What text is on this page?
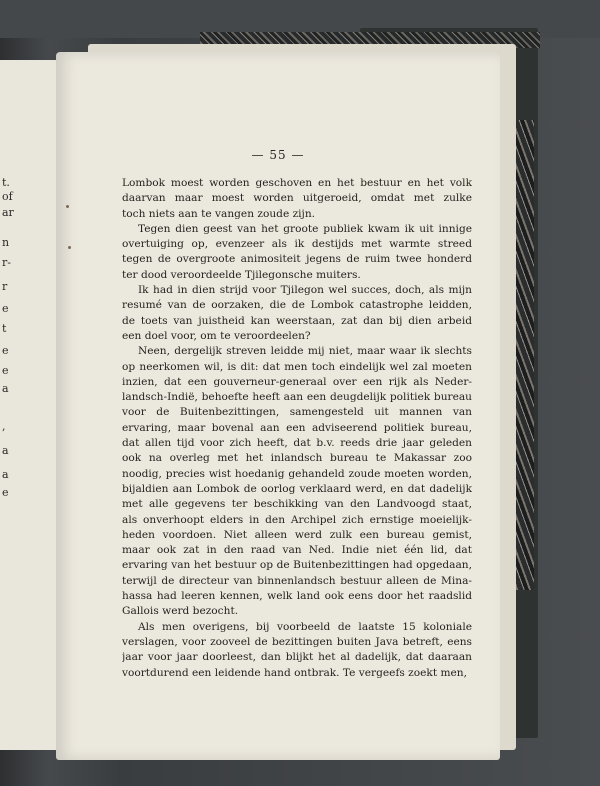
t.
of
ar
n
r-
r
e
t
e
e
a
,
a
a
e
— 55 —
Lombok moest worden geschoven en het bestuur en het volk
daarvan maar moest worden uitgeroeid, omdat met zulke
toch niets aan te vangen zoude zijn.
Tegen dien geest van het groote publiek kwam ik uit innige
overtuiging op, evenzeer als ik destijds met warmte streed
tegen de overgroote animositeit jegens de ruim twee honderd
ter dood veroordeelde Tjilegonsche muiters.
Ik had in dien strijd voor Tjilegon wel succes, doch, als mijn
resumé van de oorzaken, die de Lombok catastrophe leidden,
de toets van juistheid kan weerstaan, zat dan bij dien arbeid
een doel voor, om te veroordeelen?
Neen, dergelijk streven leidde mij niet, maar waar ik slechts
op neerkomen wil, is dit: dat men toch eindelijk wel zal moeten
inzien, dat een gouverneur-generaal over een rijk als Neder-
landsch-Indië, behoefte heeft aan een deugdelijk politiek bureau
voor de Buitenbezittingen, samengesteld uit mannen van
ervaring, maar bovenal aan een adviseerend politiek bureau,
dat allen tijd voor zich heeft, dat b.v. reeds drie jaar geleden
ook na overleg met het inlandsch bureau te Makassar zoo
noodig, precies wist hoedanig gehandeld zoude moeten worden,
bijaldien aan Lombok de oorlog verklaard werd, en dat dadelijk
met alle gegevens ter beschikking van den Landvoogd staat,
als onverhoopt elders in den Archipel zich ernstige moeielijk-
heden voordoen. Niet alleen werd zulk een bureau gemist,
maar ook zat in den raad van Ned. Indie niet één lid, dat
ervaring van het bestuur op de Buitenbezittingen had opgedaan,
terwijl de directeur van binnenlandsch bestuur alleen de Mina-
hassa had leeren kennen, welk land ook eens door het raadslid
Gallois werd bezocht.
Als men overigens, bij voorbeeld de laatste 15 koloniale
verslagen, voor zooveel de bezittingen buiten Java betreft, eens
jaar voor jaar doorleest, dan blijkt het al dadelijk, dat daaraan
voortdurend een leidende hand ontbrak. Te vergeefs zoekt men,
